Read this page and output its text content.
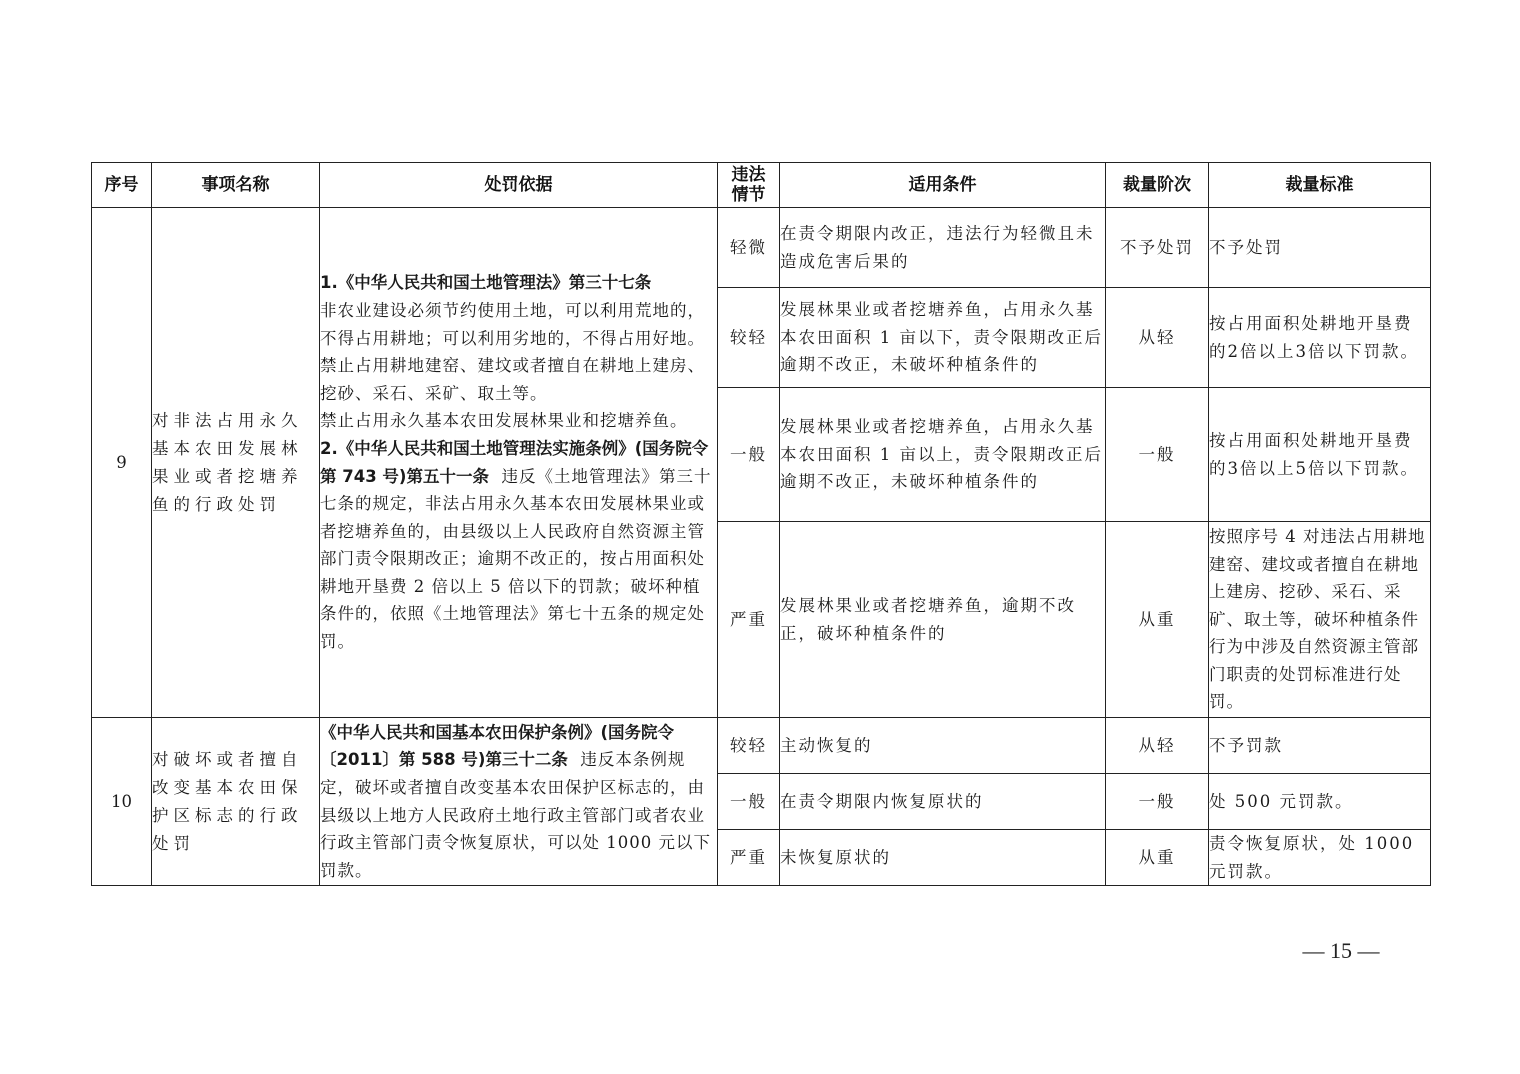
序号	事项名称	处罚依据	违法情节	适用条件	裁量阶次	裁量标准
9	对非法占用永久基本农田发展林果业或者挖塘养鱼的行政处罚	1.《中华人民共和国土地管理法》第三十七条

非农业建设必须节约使用土地，可以利用荒地的，不得占用耕地；可以利用劣地的，不得占用好地。

禁止占用耕地建窑、建坟或者擅自在耕地上建房、挖砂、采石、采矿、取土等。

禁止占用永久基本农田发展林果业和挖塘养鱼。

2.《中华人民共和国土地管理法实施条例》(国务院令第 743 号)第五十一条 违反《土地管理法》第三十七条的规定，非法占用永久基本农田发展林果业或者挖塘养鱼的，由县级以上人民政府自然资源主管部门责令限期改正；逾期不改正的，按占用面积处耕地开垦费 2 倍以上 5 倍以下的罚款；破坏种植条件的，依照《土地管理法》第七十五条的规定处罚。	轻微	在责令期限内改正，违法行为轻微且未造成危害后果的	不予处罚	不予处罚
			较轻	发展林果业或者挖塘养鱼，占用永久基本农田面积 1 亩以下，责令限期改正后逾期不改正，未破坏种植条件的	从轻	按占用面积处耕地开垦费的2倍以上3倍以下罚款。
			一般	发展林果业或者挖塘养鱼，占用永久基本农田面积 1 亩以上，责令限期改正后逾期不改正，未破坏种植条件的	一般	按占用面积处耕地开垦费的3倍以上5倍以下罚款。
			严重	发展林果业或者挖塘养鱼，逾期不改正，破坏种植条件的	从重	按照序号 4 对违法占用耕地建窑、建坟或者擅自在耕地上建房、挖砂、采石、采矿、取土等，破坏种植条件行为中涉及自然资源主管部门职责的处罚标准进行处罚。
10	对破坏或者擅自改变基本农田保护区标志的行政处罚	《中华人民共和国基本农田保护条例》(国务院令〔2011〕第 588 号)第三十二条 违反本条例规定，破坏或者擅自改变基本农田保护区标志的，由县级以上地方人民政府土地行政主管部门或者农业行政主管部门责令恢复原状，可以处 1000 元以下罚款。	较轻	主动恢复的	从轻	不予罚款
			一般	在责令期限内恢复原状的	一般	处 500 元罚款。
			严重	未恢复原状的	从重	责令恢复原状，处 1000 元罚款。
— 15 —
